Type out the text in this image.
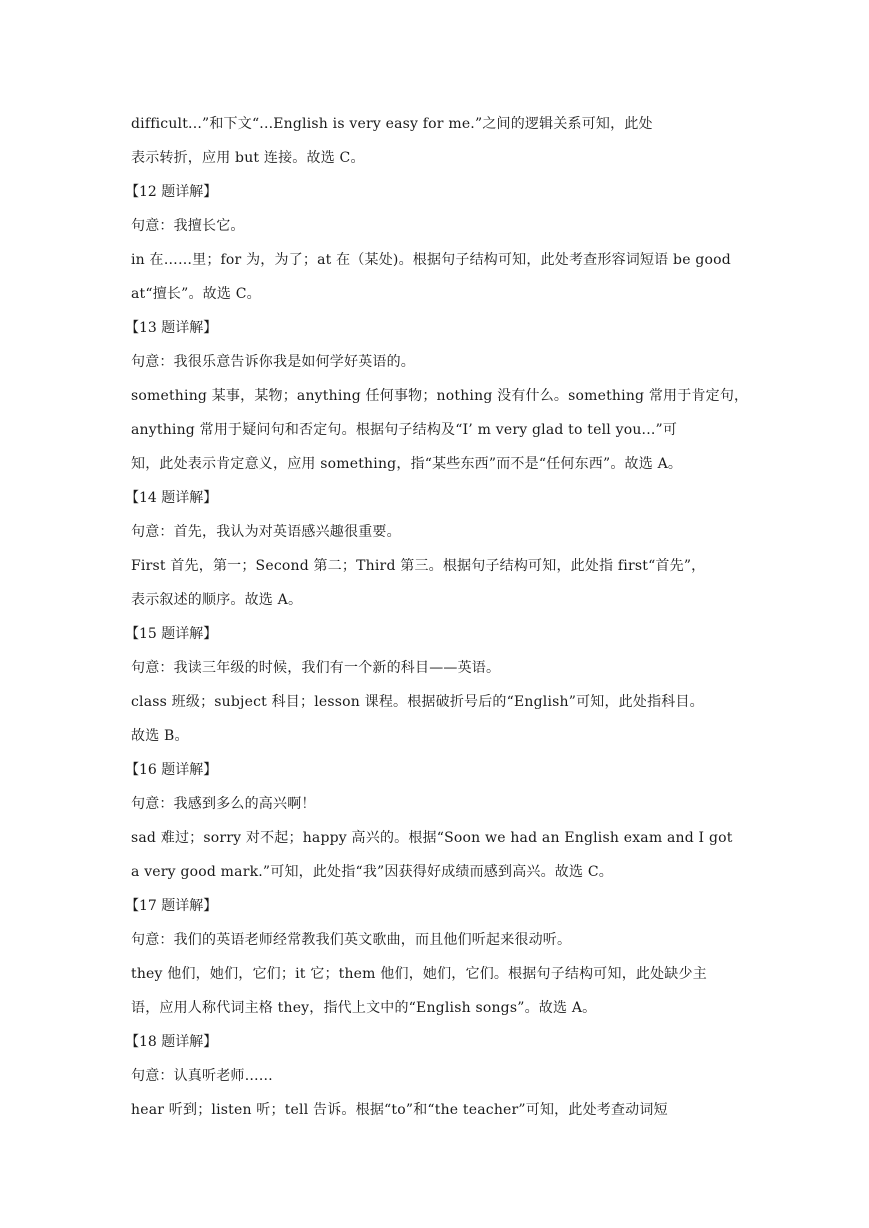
difficult...”和下文“...English is very easy for me.”之间的逻辑关系可知，此处
表示转折，应用 but 连接。故选 C。
【12 题详解】
句意：我擅长它。
in 在……里；for 为，为了；at 在（某处)。根据句子结构可知，此处考查形容词短语 be good
at“擅长”。故选 C。
【13 题详解】
句意：我很乐意告诉你我是如何学好英语的。
something 某事，某物；anything 任何事物；nothing 没有什么。something 常用于肯定句，
anything 常用于疑问句和否定句。根据句子结构及“I’ m very glad to tell you...”可
知，此处表示肯定意义，应用 something，指“某些东西”而不是“任何东西”。故选 A。
【14 题详解】
句意：首先，我认为对英语感兴趣很重要。
First 首先，第一；Second 第二；Third 第三。根据句子结构可知，此处指 first“首先”，
表示叙述的顺序。故选 A。
【15 题详解】
句意：我读三年级的时候，我们有一个新的科目——英语。
class 班级；subject 科目；lesson 课程。根据破折号后的“English”可知，此处指科目。
故选 B。
【16 题详解】
句意：我感到多么的高兴啊！
sad 难过；sorry 对不起；happy 高兴的。根据“Soon we had an English exam and I got
a very good mark.”可知，此处指“我”因获得好成绩而感到高兴。故选 C。
【17 题详解】
句意：我们的英语老师经常教我们英文歌曲，而且他们听起来很动听。
they 他们，她们，它们；it 它；them 他们，她们，它们。根据句子结构可知，此处缺少主
语，应用人称代词主格 they，指代上文中的“English songs”。故选 A。
【18 题详解】
句意：认真听老师……
hear 听到；listen 听；tell 告诉。根据“to”和“the teacher”可知，此处考查动词短
